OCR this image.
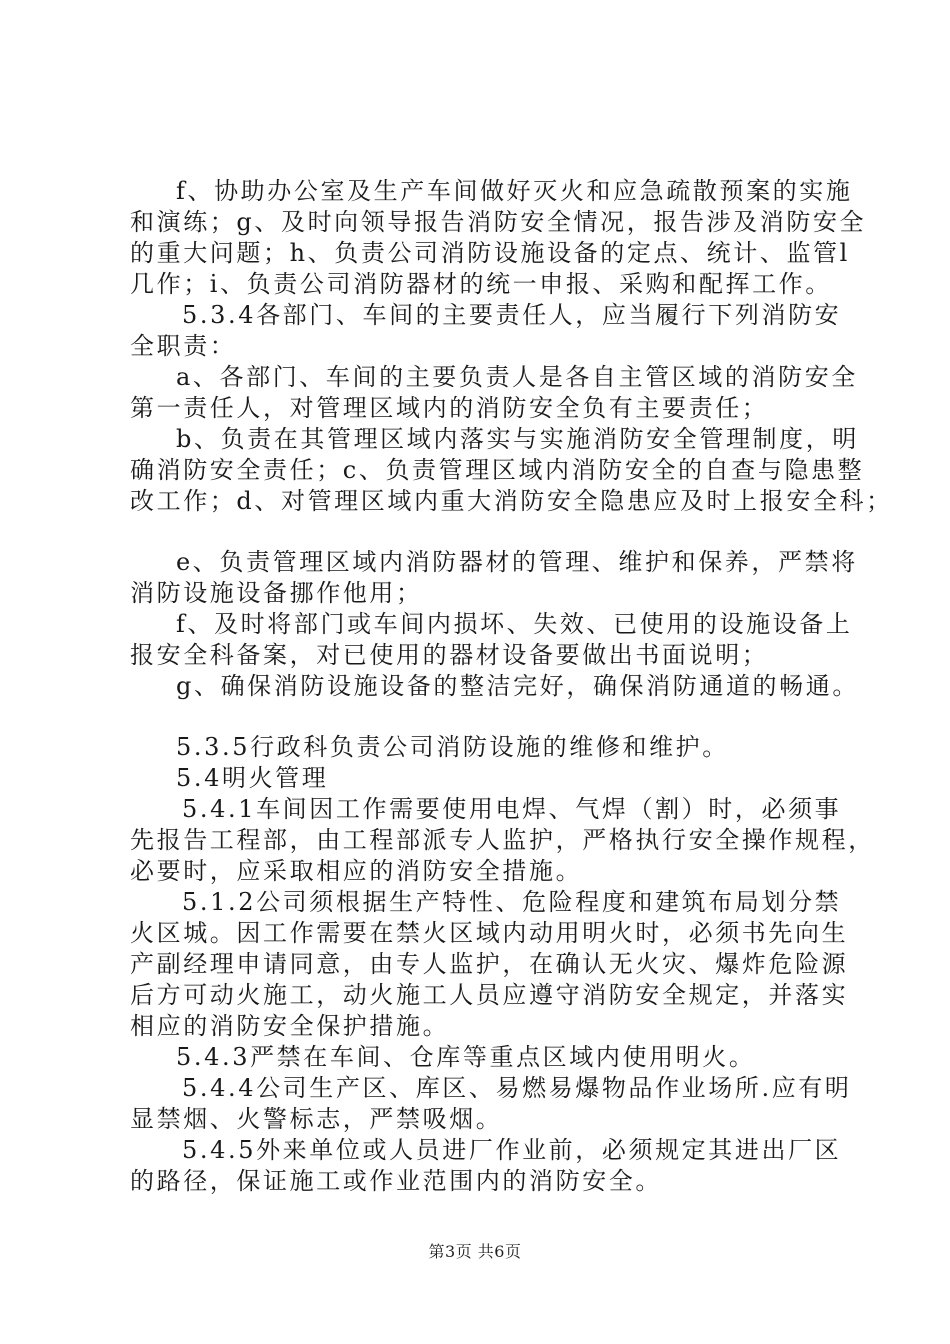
f、协助办公室及生产车间做好灭火和应急疏散预案的实施

和演练；g、及时向领导报告消防安全情况，报告涉及消防安全

的重大问题；h、负责公司消防设施设备的定点、统计、监管l

几作；i、负责公司消防器材的统一申报、采购和配挥工作。

5.3.4各部门、车间的主要责任人，应当履行下列消防安

全职责：

a、各部门、车间的主要负责人是各自主管区域的消防安全

第一责任人，对管理区域内的消防安全负有主要责任；

b、负责在其管理区域内落实与实施消防安全管理制度，明

确消防安全责任；c、负责管理区域内消防安全的自查与隐患整

改工作；d、对管理区域内重大消防安全隐患应及时上报安全科；

e、负责管理区域内消防器材的管理、维护和保养，严禁将

消防设施设备挪作他用；

f、及时将部门或车间内损坏、失效、已使用的设施设备上

报安全科备案，对已使用的器材设备要做出书面说明；

g、确保消防设施设备的整洁完好，确保消防通道的畅通。

5.3.5行政科负责公司消防设施的维修和维护。

5.4明火管理

5.4.1车间因工作需要使用电焊、气焊（割）时，必须事

先报告工程部，由工程部派专人监护，严格执行安全操作规程，

必要时，应采取相应的消防安全措施。

5.1.2公司须根据生产特性、危险程度和建筑布局划分禁

火区城。因工作需要在禁火区域内动用明火时，必须书先向生

产副经理申请同意，由专人监护，在确认无火灾、爆炸危险源

后方可动火施工，动火施工人员应遵守消防安全规定，并落实

相应的消防安全保护措施。

5.4.3严禁在车间、仓库等重点区域内使用明火。

5.4.4公司生产区、库区、易燃易爆物品作业场所.应有明

显禁烟、火警标志，严禁吸烟。

5.4.5外来单位或人员进厂作业前，必须规定其进出厂区

的路径，保证施工或作业范围内的消防安全。

第3页 共6页
